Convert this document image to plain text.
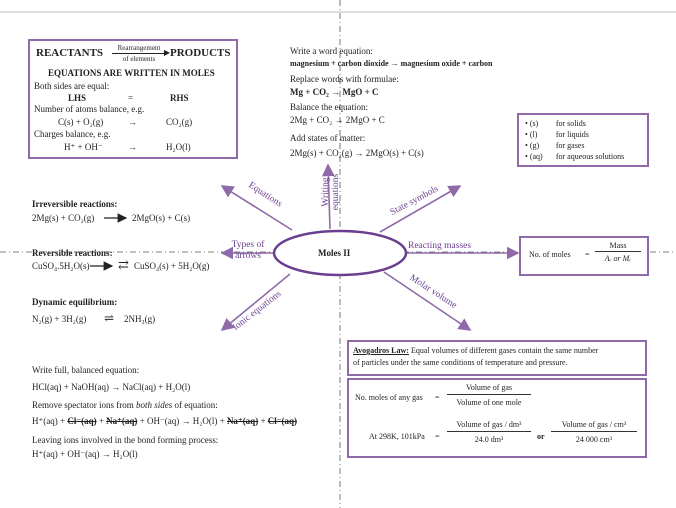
Moles II
Equations	Writing equations	State symbols
Types of arrows
Reacting masses
Ionic equations	Molar volume
REACTANTS	Rearrangement ▶
of elements	PRODUCTS
EQUATIONS ARE WRITTEN IN MOLES
Both sides are equal:
LHS	=	RHS
Number of atoms balance, e.g.
C(s) + O₂(g)	→	CO₂(g)
Charges balance, e.g.
H⁺ + OH⁻	→	H₂O(l)
Write a word equation:
magnesium + carbon dioxide → magnesium oxide + carbon
Replace words with formulae:
Mg + CO₂ → MgO + C
Balance the equation:
2Mg + CO₂ → 2MgO + C
Add states of matter:
2Mg(s) + CO₂(g) → 2MgO(s) + C(s)
• (s) for solids
• (l) for liquids
• (g) for gases
• (aq) for aqueous solutions
Irreversible reactions:
2Mg(s) + CO₂(g)	2MgO(s) + C(s)
Reversible reactions:
CuSO₄.5H₂O(s) ⇄ CuSO₄(s) + 5H₂O(g)
Dynamic equilibrium:
N₂(g) + 3H₂(g) ⇌ 2NH₃(g)
No. of moles =
Mass
Aᵣ or Mᵣ
Avogadros Law: Equal volumes of different gases contain the same number
of particles under the same conditions of temperature and pressure.
No. moles of any gas =
Volume of gas
Volume of one mole
At 298K, 101kPa =
Volume of gas / dm³
24.0 dm³	or
Volume of gas / cm³
24 000 cm³
Write full, balanced equation:
HCl(aq) + NaOH(aq) → NaCl(aq) + H₂O(l)
Remove spectator ions from both sides of equation:
H⁺(aq) + Cl⁻(aq) + Na⁺(aq) + OH⁻(aq) → H₂O(l) + Na⁺(aq) + Cl⁻(aq)
Leaving ions involved in the bond forming process:
H⁺(aq) + OH⁻(aq) → H₂O(l)
